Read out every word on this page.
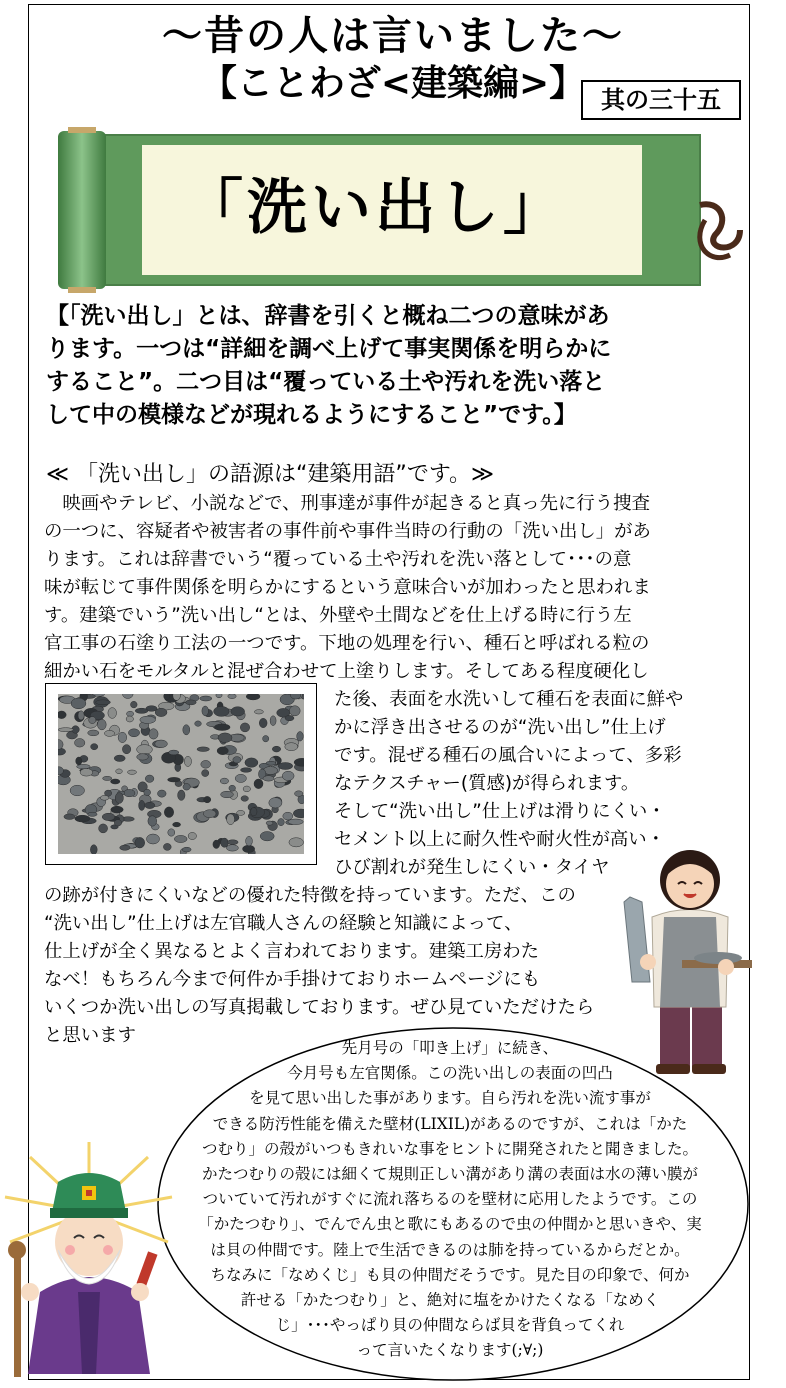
～昔の人は言いました～
【ことわざ<建築編>】 其の三十五
「洗い出し」

【「洗い出し」とは、辞書を引くと概ね二つの意味があ

ります。一つは“詳細を調べ上げて事実関係を明らかに

すること”。二つ目は“覆っている土や汚れを洗い落と

して中の模様などが現れるようにすること”です。】

≪ 「洗い出し」の語源は“建築用語”です。≫

　映画やテレビ、小説などで、刑事達が事件が起きると真っ先に行う捜査

の一つに、容疑者や被害者の事件前や事件当時の行動の「洗い出し」があ

ります。これは辞書でいう“覆っている土や汚れを洗い落として･･･の意

味が転じて事件関係を明らかにするという意味合いが加わったと思われま

す。建築でいう”洗い出し“とは、外壁や土間などを仕上げる時に行う左

官工事の石塗り工法の一つです。下地の処理を行い、種石と呼ばれる粒の

細かい石をモルタルと混ぜ合わせて上塗りします。そしてある程度硬化し

た後、表面を水洗いして種石を表面に鮮や

かに浮き出させるのが“洗い出し”仕上げ

です。混ぜる種石の風合いによって、多彩

なテクスチャー(質感)が得られます。

そして“洗い出し”仕上げは滑りにくい・

セメント以上に耐久性や耐火性が高い・

ひび割れが発生しにくい・タイヤ

の跡が付きにくいなどの優れた特徴を持っています。ただ、この

“洗い出し”仕上げは左官職人さんの経験と知識によって、

仕上げが全く異なるとよく言われております。建築工房わた

なべ！もちろん今まで何件か手掛けておりホームページにも

いくつか洗い出しの写真掲載しております。ぜひ見ていただけたら

と思います

先月号の「叩き上げ」に続き、

今月号も左官関係。この洗い出しの表面の凹凸

を見て思い出した事があります。自ら汚れを洗い流す事が

できる防汚性能を備えた壁材(LIXIL)があるのですが、これは「かた

つむり」の殻がいつもきれいな事をヒントに開発されたと聞きました。

かたつむりの殻には細くて規則正しい溝があり溝の表面は水の薄い膜が

ついていて汚れがすぐに流れ落ちるのを壁材に応用したようです。この

「かたつむり」、でんでん虫と歌にもあるので虫の仲間かと思いきや、実

は貝の仲間です。陸上で生活できるのは肺を持っているからだとか。

ちなみに「なめくじ」も貝の仲間だそうです。見た目の印象で、何か

許せる「かたつむり」と、絶対に塩をかけたくなる「なめく

じ」･･･やっぱり貝の仲間ならば貝を背負ってくれ

って言いたくなります(;∀;)
